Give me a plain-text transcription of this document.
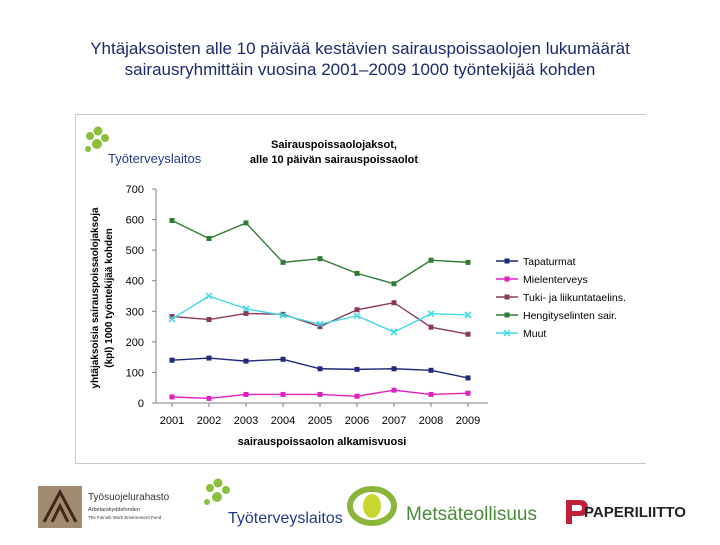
Yhtäjaksoisten alle 10 päivää kestävien sairauspoissaolojen lukumäärät
sairausryhmittäin vuosina 2001–2009 1000 työntekijää kohden
Työterveyslaitos
Sairauspoissaolojaksot,
alle 10 päivän sairauspoissaolot
yhtäjaksoisia sairauspoissaolojaksoja (kpl) 1000 työntekijää kohden
sairauspoissaolon alkamisvuosi
0
100
200
300
400
500
600
700
2001 2002 2003 2004 2005 2006 2007 2008 2009
Tapaturmat
Mielenterveys
Tuki- ja liikuntataelins.
Hengityselinten sair.
Muut
Työsuojelurahasto
Arbetarskyddsfonden
The Finnish Work Environment Fund	Työterveyslaitos	Metsäteollisuus	PAPERILIITTO
